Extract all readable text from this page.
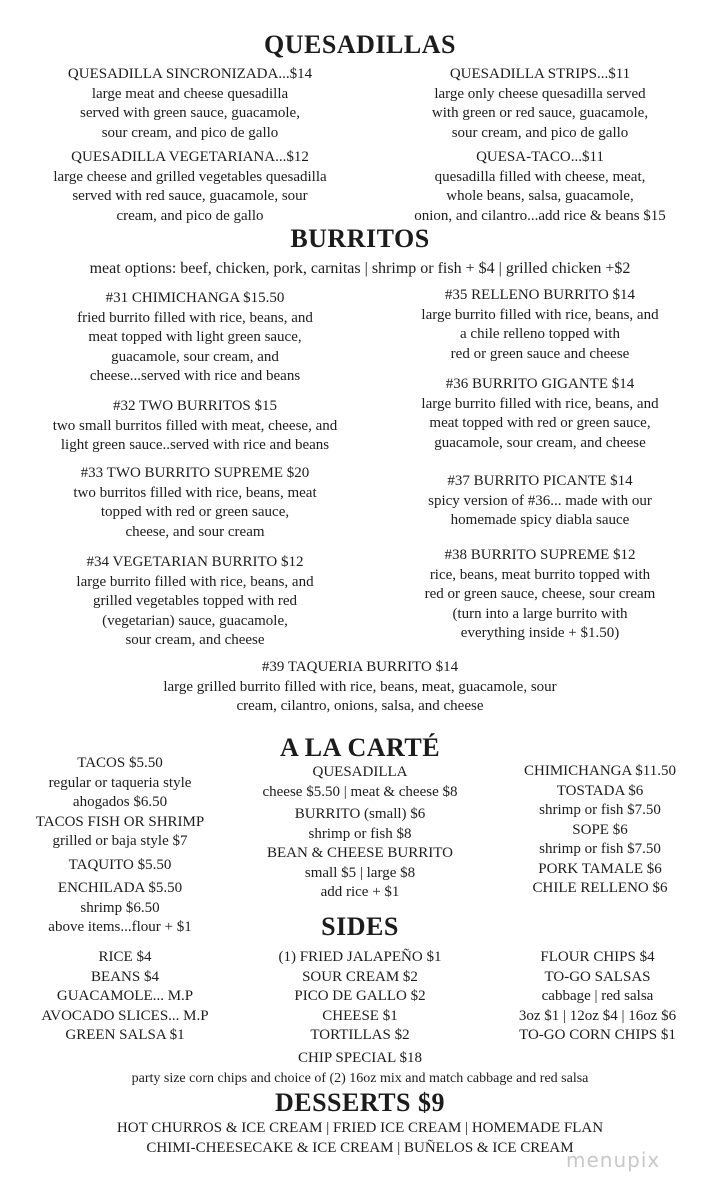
QUESADILLAS
QUESADILLA SINCRONIZADA...$14
large meat and cheese quesadilla
served with green sauce, guacamole,
sour cream, and pico de gallo
QUESADILLA STRIPS...$11
large only cheese quesadilla served
with green or red sauce, guacamole,
sour cream, and pico de gallo
QUESADILLA VEGETARIANA...$12
large cheese and grilled vegetables quesadilla
served with red sauce, guacamole, sour
cream, and pico de gallo
QUESA-TACO...$11
quesadilla filled with cheese, meat,
whole beans, salsa, guacamole,
onion, and cilantro...add rice & beans $15
BURRITOS
meat options: beef, chicken, pork, carnitas | shrimp or fish + $4 | grilled chicken +$2
#31 CHIMICHANGA $15.50
fried burrito filled with rice, beans, and
meat topped with light green sauce,
guacamole, sour cream, and
cheese...served with rice and beans
#32 TWO BURRITOS $15
two small burritos filled with meat, cheese, and
light green sauce..served with rice and beans
#33 TWO BURRITO SUPREME $20
two burritos filled with rice, beans, meat
topped with red or green sauce,
cheese, and sour cream
#34 VEGETARIAN BURRITO $12
large burrito filled with rice, beans, and
grilled vegetables topped with red
(vegetarian) sauce, guacamole,
sour cream, and cheese
#35 RELLENO BURRITO $14
large burrito filled with rice, beans, and
a chile relleno topped with
red or green sauce and cheese
#36 BURRITO GIGANTE $14
large burrito filled with rice, beans, and
meat topped with red or green sauce,
guacamole, sour cream, and cheese
#37 BURRITO PICANTE $14
spicy version of #36... made with our
homemade spicy diabla sauce
#38 BURRITO SUPREME $12
rice, beans, meat burrito topped with
red or green sauce, cheese, sour cream
(turn into a large burrito with
everything inside + $1.50)
#39 TAQUERIA BURRITO $14
large grilled burrito filled with rice, beans, meat, guacamole, sour
cream, cilantro, onions, salsa, and cheese
A LA CARTÉ
TACOS $5.50
regular or taqueria style
ahogados $6.50
TACOS FISH OR SHRIMP
grilled or baja style $7
TAQUITO $5.50
ENCHILADA $5.50
shrimp $6.50
above items...flour + $1
QUESADILLA
cheese $5.50 | meat & cheese $8
BURRITO (small) $6
shrimp or fish $8
BEAN & CHEESE BURRITO
small $5 | large $8
add rice + $1
CHIMICHANGA $11.50
TOSTADA $6
shrimp or fish $7.50
SOPE $6
shrimp or fish $7.50
PORK TAMALE $6
CHILE RELLENO $6
SIDES
RICE $4
BEANS $4
GUACAMOLE... M.P
AVOCADO SLICES... M.P
GREEN SALSA $1
(1) FRIED JALAPEÑO $1
SOUR CREAM $2
PICO DE GALLO $2
CHEESE $1
TORTILLAS $2
FLOUR CHIPS $4
TO-GO SALSAS
cabbage | red salsa
3oz $1 | 12oz $4 | 16oz $6
TO-GO CORN CHIPS $1
CHIP SPECIAL $18
party size corn chips and choice of (2) 16oz mix and match cabbage and red salsa
DESSERTS $9
HOT CHURROS & ICE CREAM | FRIED ICE CREAM | HOMEMADE FLAN
CHIMI-CHEESECAKE & ICE CREAM | BUÑELOS & ICE CREAM
menupix
